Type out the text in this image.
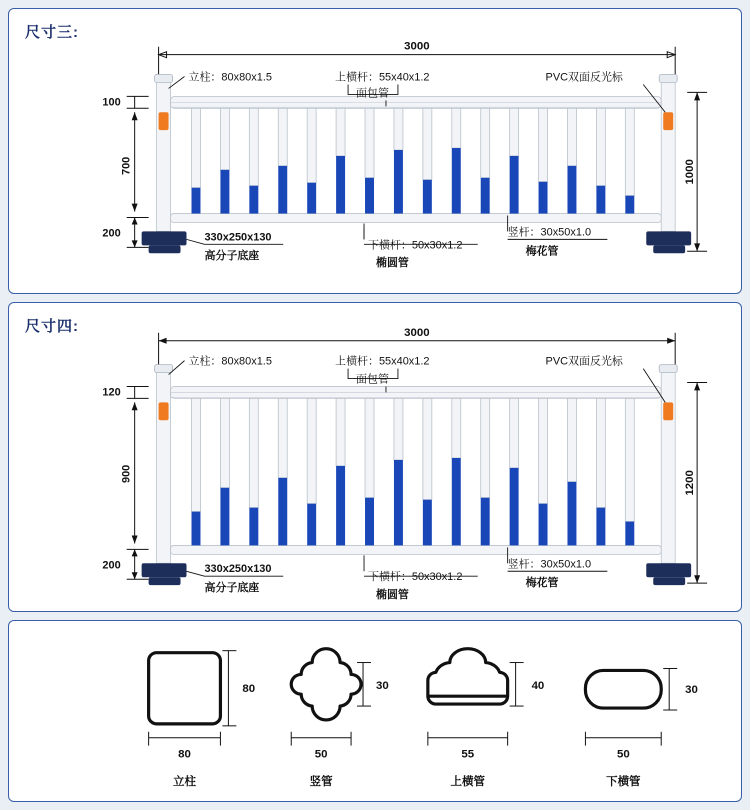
尺寸三:
3000
100
700
200
1000
立柱：80x80x1.5	上横杆：55x40x1.2
面包管
PVC双面反光标
330x250x130
高分子底座
下横杆：50x30x1.2
椭圆管
竖杆：30x50x1.0
梅花管
尺寸四:	3000
120
900
200
1200
立柱：80x80x1.5	上横杆：55x40x1.2
面包管
PVC双面反光标
330x250x130
高分子底座
下横杆：50x30x1.2
椭圆管
竖杆：30x50x1.0
梅花管
80
80
立柱
30
50
竖管
40
55
上横管
30
50
下横管
